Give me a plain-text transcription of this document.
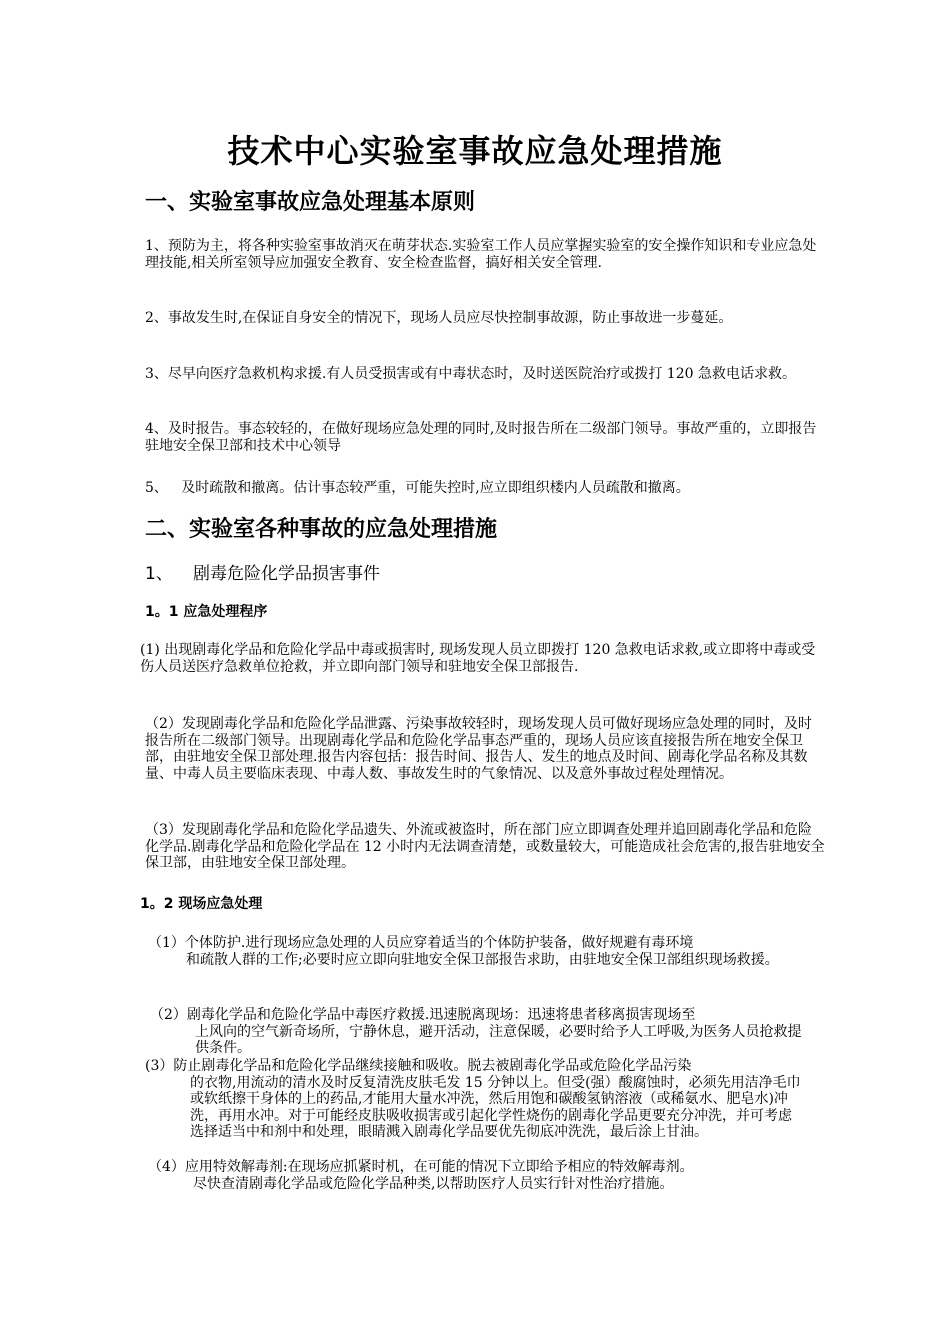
技术中心实验室事故应急处理措施
一、实验室事故应急处理基本原则
1、预防为主，将各种实验室事故消灭在萌芽状态.实验室工作人员应掌握实验室的安全操作知识和专业应急处理技能,相关所室领导应加强安全教育、安全检查监督，搞好相关安全管理.
2、事故发生时,在保证自身安全的情况下，现场人员应尽快控制事故源，防止事故进一步蔓延。
3、尽早向医疗急救机构求援.有人员受损害或有中毒状态时，及时送医院治疗或拨打 120 急救电话求救。
4、及时报告。事态较轻的，在做好现场应急处理的同时,及时报告所在二级部门领导。事故严重的，立即报告驻地安全保卫部和技术中心领导
5、   及时疏散和撤离。估计事态较严重，可能失控时,应立即组织楼内人员疏散和撤离。
二、实验室各种事故的应急处理措施
1、 剧毒危险化学品损害事件
1。1 应急处理程序
(1) 出现剧毒化学品和危险化学品中毒或损害时, 现场发现人员立即拨打 120 急救电话求救,或立即将中毒或受伤人员送医疗急救单位抢救，并立即向部门领导和驻地安全保卫部报告.
（2）发现剧毒化学品和危险化学品泄露、污染事故较轻时，现场发现人员可做好现场应急处理的同时，及时报告所在二级部门领导。出现剧毒化学品和危险化学品事态严重的，现场人员应该直接报告所在地安全保卫部，由驻地安全保卫部处理.报告内容包括：报告时间、报告人、发生的地点及时间、剧毒化学品名称及其数量、中毒人员主要临床表现、中毒人数、事故发生时的气象情况、以及意外事故过程处理情况。
（3）发现剧毒化学品和危险化学品遗失、外流或被盗时，所在部门应立即调查处理并追回剧毒化学品和危险化学品.剧毒化学品和危险化学品在 12 小时内无法调查清楚，或数量较大，可能造成社会危害的,报告驻地安全保卫部，由驻地安全保卫部处理。
1。2 现场应急处理
（1）个体防护.进行现场应急处理的人员应穿着适当的个体防护装备，做好规避有毒环境
和疏散人群的工作;必要时应立即向驻地安全保卫部报告求助，由驻地安全保卫部组织现场救援。
（2）剧毒化学品和危险化学品中毒医疗救援.迅速脱离现场：迅速将患者移离损害现场至
上风向的空气新奇场所，宁静休息，避开活动，注意保暖，必要时给予人工呼吸,为医务人员抢救提供条件。
(3）防止剧毒化学品和危险化学品继续接触和吸收。脱去被剧毒化学品或危险化学品污染
的衣物,用流动的清水及时反复清洗皮肤毛发 15 分钟以上。但受(强）酸腐蚀时，必须先用洁净毛巾或软纸擦干身体的上的药品,才能用大量水冲洗，然后用饱和碳酸氢钠溶液（或稀氨水、肥皂水)冲洗，再用水冲。对于可能经皮肤吸收损害或引起化学性烧伤的剧毒化学品更要充分冲洗，并可考虑选择适当中和剂中和处理，眼睛溅入剧毒化学品要优先彻底冲洗洗，最后涂上甘油。
（4）应用特效解毒剂:在现场应抓紧时机，在可能的情况下立即给予相应的特效解毒剂。
尽快查清剧毒化学品或危险化学品种类,以帮助医疗人员实行针对性治疗措施。
